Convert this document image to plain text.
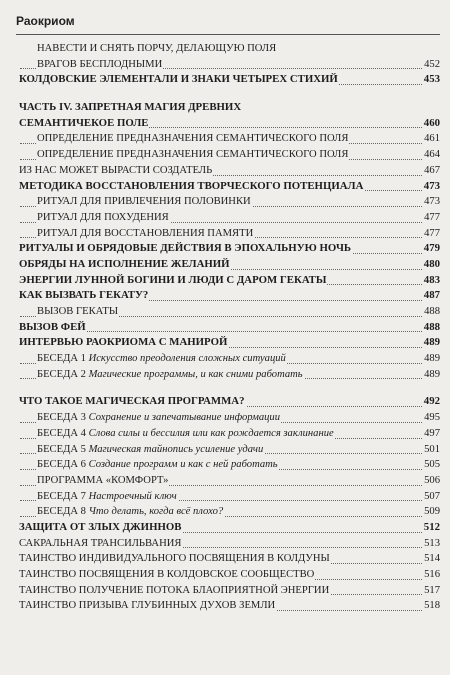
Раокриом
НАВЕСТИ И СНЯТЬ ПОРЧУ, ДЕЛАЮЩУЮ ПОЛЯ
ВРАГОВ БЕСПЛОДНЫМИ	452
КОЛДОВСКИЕ ЭЛЕМЕНТАЛИ И ЗНАКИ ЧЕТЫРЕХ СТИХИЙ	453
ЧАСТЬ IV. ЗАПРЕТНАЯ МАГИЯ ДРЕВНИХ
СЕМАНТИЧЕКОЕ ПОЛЕ	460
ОПРЕДЕЛЕНИЕ ПРЕДНАЗНАЧЕНИЯ СЕМАНТИЧЕСКОГО ПОЛЯ	461
ОПРЕДЕЛЕНИЕ ПРЕДНАЗНАЧЕНИЯ СЕМАНТИЧЕСКОГО ПОЛЯ	464
ИЗ НАС МОЖЕТ ВЫРАСТИ СОЗДАТЕЛЬ	467
МЕТОДИКА ВОССТАНОВЛЕНИЯ ТВОРЧЕСКОГО ПОТЕНЦИАЛА	473
РИТУАЛ ДЛЯ ПРИВЛЕЧЕНИЯ ПОЛОВИНКИ	473
РИТУАЛ ДЛЯ ПОХУДЕНИЯ	477
РИТУАЛ ДЛЯ ВОССТАНОВЛЕНИЯ ПАМЯТИ	477
РИТУАЛЫ И ОБРЯДОВЫЕ ДЕЙСТВИЯ В ЭПОХАЛЬНУЮ НОЧЬ	479
ОБРЯДЫ НА ИСПОЛНЕНИЕ ЖЕЛАНИЙ	480
ЭНЕРГИИ ЛУННОЙ БОГИНИ И ЛЮДИ С ДАРОМ ГЕКАТЫ	483
КАК ВЫЗВАТЬ ГЕКАТУ?	487
ВЫЗОВ ГЕКАТЫ	488
ВЫЗОВ ФЕЙ	488
ИНТЕРВЬЮ РАОКРИОМА С МАНИРОЙ	489
БЕСЕДА 1 Искусство преодоления сложных ситуаций	489
БЕСЕДА 2 Магические программы, и как сними работать	489
ЧТО ТАКОЕ МАГИЧЕСКАЯ ПРОГРАММА?	492
БЕСЕДА 3 Сохранение и запечатывание информации	495
БЕСЕДА 4 Слова силы и бессилия или как рождается заклинание	497
БЕСЕДА 5 Магическая тайнопись усиление удачи	501
БЕСЕДА 6 Создание программ и как с ней работать	505
ПРОГРАММА «КОМФОРТ»	506
БЕСЕДА 7 Настроечный ключ	507
БЕСЕДА 8 Что делать, когда всё плохо?	509
ЗАЩИТА ОТ ЗЛЫХ ДЖИННОВ	512
САКРАЛЬНАЯ ТРАНСИЛЬВАНИЯ	513
ТАИНСТВО ИНДИВИДУАЛЬНОГО ПОСВЯЩЕНИЯ В КОЛДУНЫ	514
ТАИНСТВО ПОСВЯЩЕНИЯ В КОЛДОВСКОЕ СООБЩЕСТВО	516
ТАИНСТВО ПОЛУЧЕНИЕ ПОТОКА БЛАОПРИЯТНОЙ ЭНЕРГИИ	517
ТАИНСТВО ПРИЗЫВА ГЛУБИННЫХ ДУХОВ ЗЕМЛИ	518
